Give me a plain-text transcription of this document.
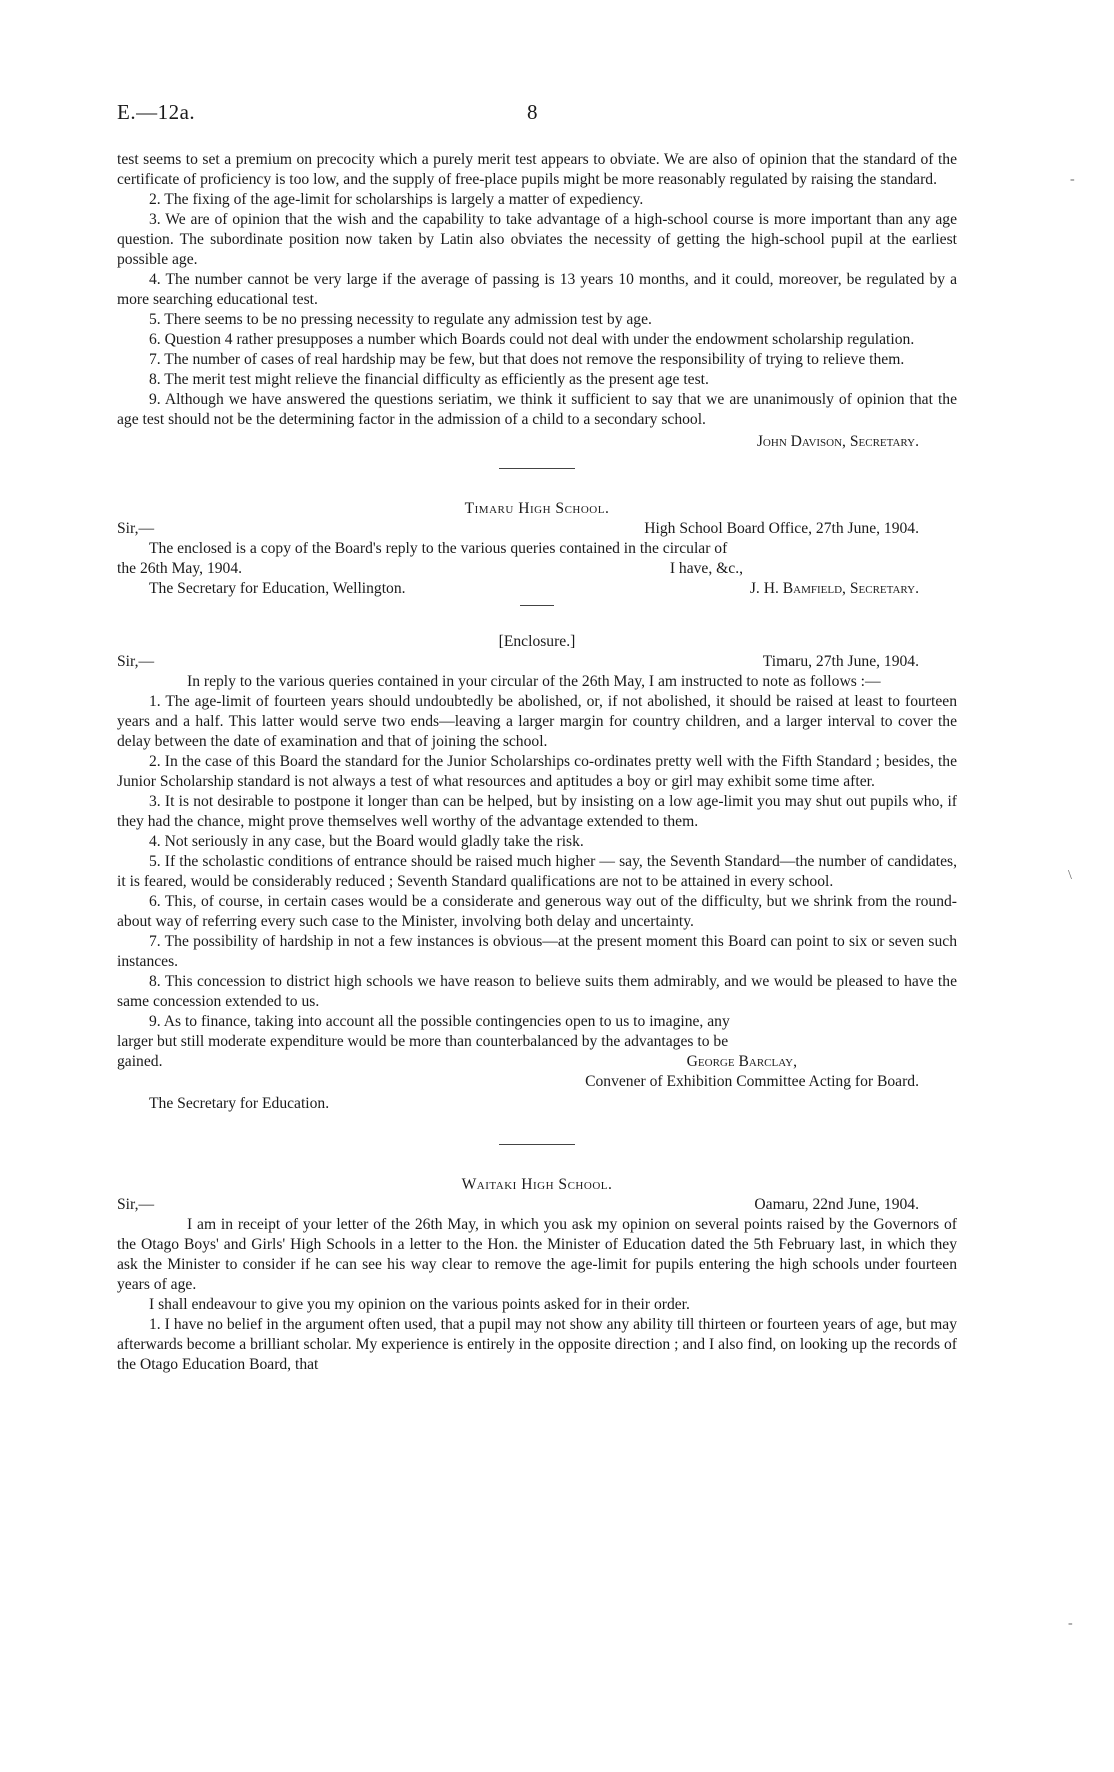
E.—12a.	8

test seems to set a premium on precocity which a purely merit test appears to obviate. We are also of opinion that the standard of the certificate of proficiency is too low, and the supply of free-place pupils might be more reasonably regulated by raising the standard.

2. The fixing of the age-limit for scholarships is largely a matter of expediency.

3. We are of opinion that the wish and the capability to take advantage of a high-school course is more important than any age question. The subordinate position now taken by Latin also obviates the necessity of getting the high-school pupil at the earliest possible age.

4. The number cannot be very large if the average of passing is 13 years 10 months, and it could, moreover, be regulated by a more searching educational test.

5. There seems to be no pressing necessity to regulate any admission test by age.

6. Question 4 rather presupposes a number which Boards could not deal with under the endowment scholarship regulation.

7. The number of cases of real hardship may be few, but that does not remove the responsibility of trying to relieve them.

8. The merit test might relieve the financial difficulty as efficiently as the present age test.

9. Although we have answered the questions seriatim, we think it sufficient to say that we are unanimously of opinion that the age test should not be the determining factor in the admission of a child to a secondary school.

John Davison, Secretary.
Timaru High School.
Sir,—	High School Board Office, 27th June, 1904.

The enclosed is a copy of the Board's reply to the various queries contained in the circular of

the 26th May, 1904.	I have, &c.,
The Secretary for Education, Wellington.	J. H. Bamfield, Secretary.
[Enclosure.]
Sir,—	Timaru, 27th June, 1904.

In reply to the various queries contained in your circular of the 26th May, I am instructed to note as follows :—

1. The age-limit of fourteen years should undoubtedly be abolished, or, if not abolished, it should be raised at least to fourteen years and a half. This latter would serve two ends—leaving a larger margin for country children, and a larger interval to cover the delay between the date of examination and that of joining the school.

2. In the case of this Board the standard for the Junior Scholarships co-ordinates pretty well with the Fifth Standard ; besides, the Junior Scholarship standard is not always a test of what resources and aptitudes a boy or girl may exhibit some time after.

3. It is not desirable to postpone it longer than can be helped, but by insisting on a low age-limit you may shut out pupils who, if they had the chance, might prove themselves well worthy of the advantage extended to them.

4. Not seriously in any case, but the Board would gladly take the risk.

5. If the scholastic conditions of entrance should be raised much higher — say, the Seventh Standard—the number of candidates, it is feared, would be considerably reduced ; Seventh Standard qualifications are not to be attained in every school.

6. This, of course, in certain cases would be a considerate and generous way out of the difficulty, but we shrink from the round-about way of referring every such case to the Minister, involving both delay and uncertainty.

7. The possibility of hardship in not a few instances is obvious—at the present moment this Board can point to six or seven such instances.

8. This concession to district high schools we have reason to believe suits them admirably, and we would be pleased to have the same concession extended to us.

9. As to finance, taking into account all the possible contingencies open to us to imagine, any

larger but still moderate expenditure would be more than counterbalanced by the advantages to be

gained.	George Barclay,
Convener of Exhibition Committee Acting for Board.
The Secretary for Education.
Waitaki High School.
Sir,—	Oamaru, 22nd June, 1904.

I am in receipt of your letter of the 26th May, in which you ask my opinion on several points raised by the Governors of the Otago Boys' and Girls' High Schools in a letter to the Hon. the Minister of Education dated the 5th February last, in which they ask the Minister to consider if he can see his way clear to remove the age-limit for pupils entering the high schools under fourteen years of age.

I shall endeavour to give you my opinion on the various points asked for in their order.

1. I have no belief in the argument often used, that a pupil may not show any ability till thirteen or fourteen years of age, but may afterwards become a brilliant scholar. My experience is entirely in the opposite direction ; and I also find, on looking up the records of the Otago Education Board, that

-
\
-
